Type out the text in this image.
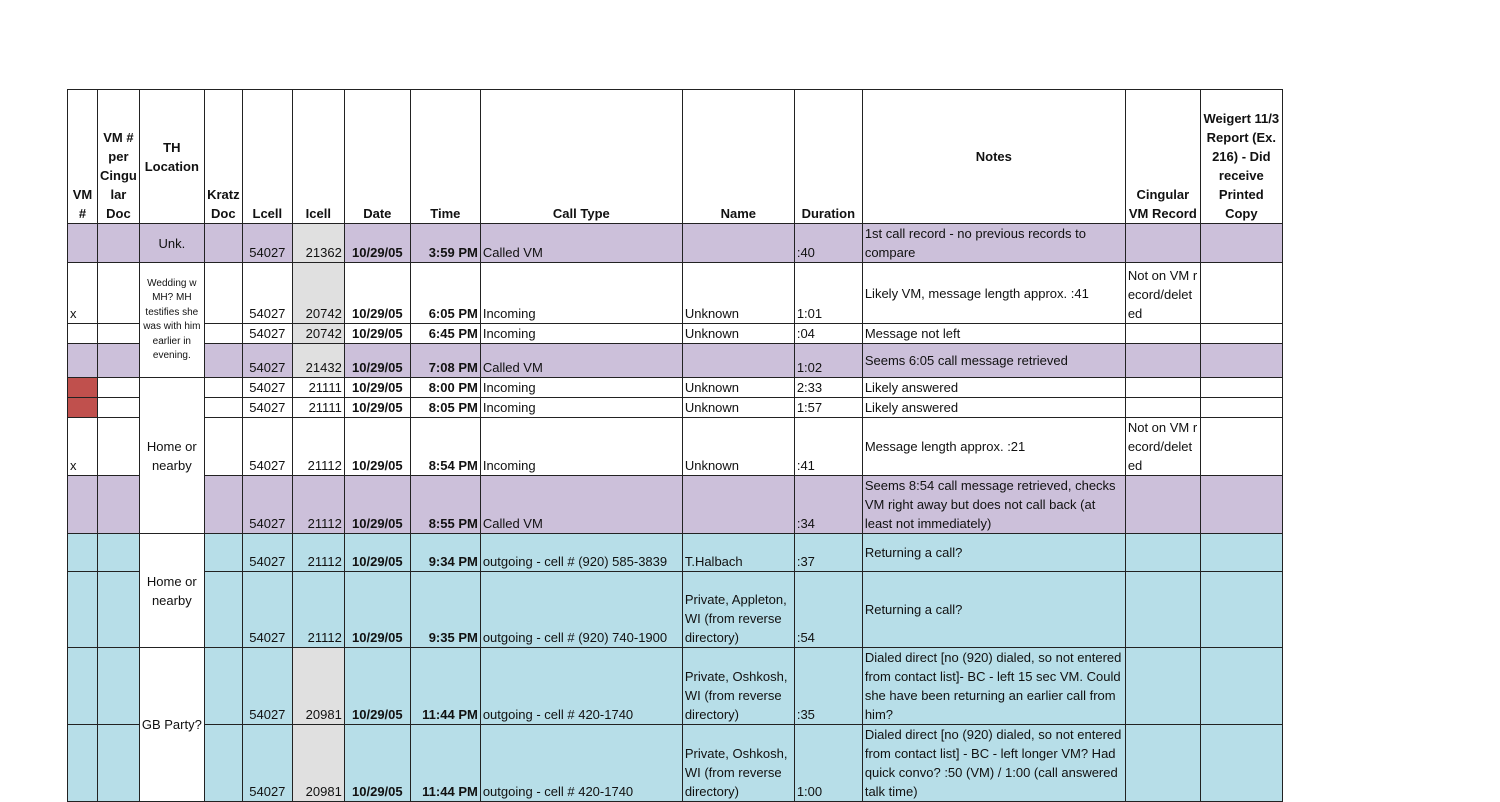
VM #	VM # per Cingu lar Doc	TH Location	Kratz Doc	Lcell	Icell	Date	Time	Call Type	Name	Duration	Notes	Cingular VM Record	Weigert 11/3 Report (Ex. 216) - Did receive Printed Copy
		Unk.		54027	21362	10/29/05	3:59 PM	Called VM		:40	1st call record - no previous records to compare		
x		Wedding w MH? MH testifies she was with him earlier in evening.		54027	20742	10/29/05	6:05 PM	Incoming	Unknown	1:01	Likely VM, message length approx. :41	Not on VM record/deleted	
				54027	20742	10/29/05	6:45 PM	Incoming	Unknown	:04	Message not left		
				54027	21432	10/29/05	7:08 PM	Called VM		1:02	Seems 6:05 call message retrieved		
		Home or nearby		54027	21111	10/29/05	8:00 PM	Incoming	Unknown	2:33	Likely answered		
				54027	21111	10/29/05	8:05 PM	Incoming	Unknown	1:57	Likely answered		
x				54027	21112	10/29/05	8:54 PM	Incoming	Unknown	:41	Message length approx. :21	Not on VM record/deleted	
				54027	21112	10/29/05	8:55 PM	Called VM		:34	Seems 8:54 call message retrieved, checks VM right away but does not call back (at least not immediately)		
		Home or nearby		54027	21112	10/29/05	9:34 PM	outgoing - cell # (920) 585-3839	T.Halbach	:37	Returning a call?		
				54027	21112	10/29/05	9:35 PM	outgoing - cell # (920) 740-1900	Private, Appleton, WI (from reverse directory)	:54	Returning a call?		
		GB Party?		54027	20981	10/29/05	11:44 PM	outgoing - cell # 420-1740	Private, Oshkosh, WI (from reverse directory)	:35	Dialed direct [no (920) dialed, so not entered from contact list]- BC - left 15 sec VM. Could she have been returning an earlier call from him?		
				54027	20981	10/29/05	11:44 PM	outgoing - cell # 420-1740	Private, Oshkosh, WI (from reverse directory)	1:00	Dialed direct [no (920) dialed, so not entered from contact list] - BC - left longer VM? Had quick convo? :50 (VM) / 1:00 (call answered talk time)		
